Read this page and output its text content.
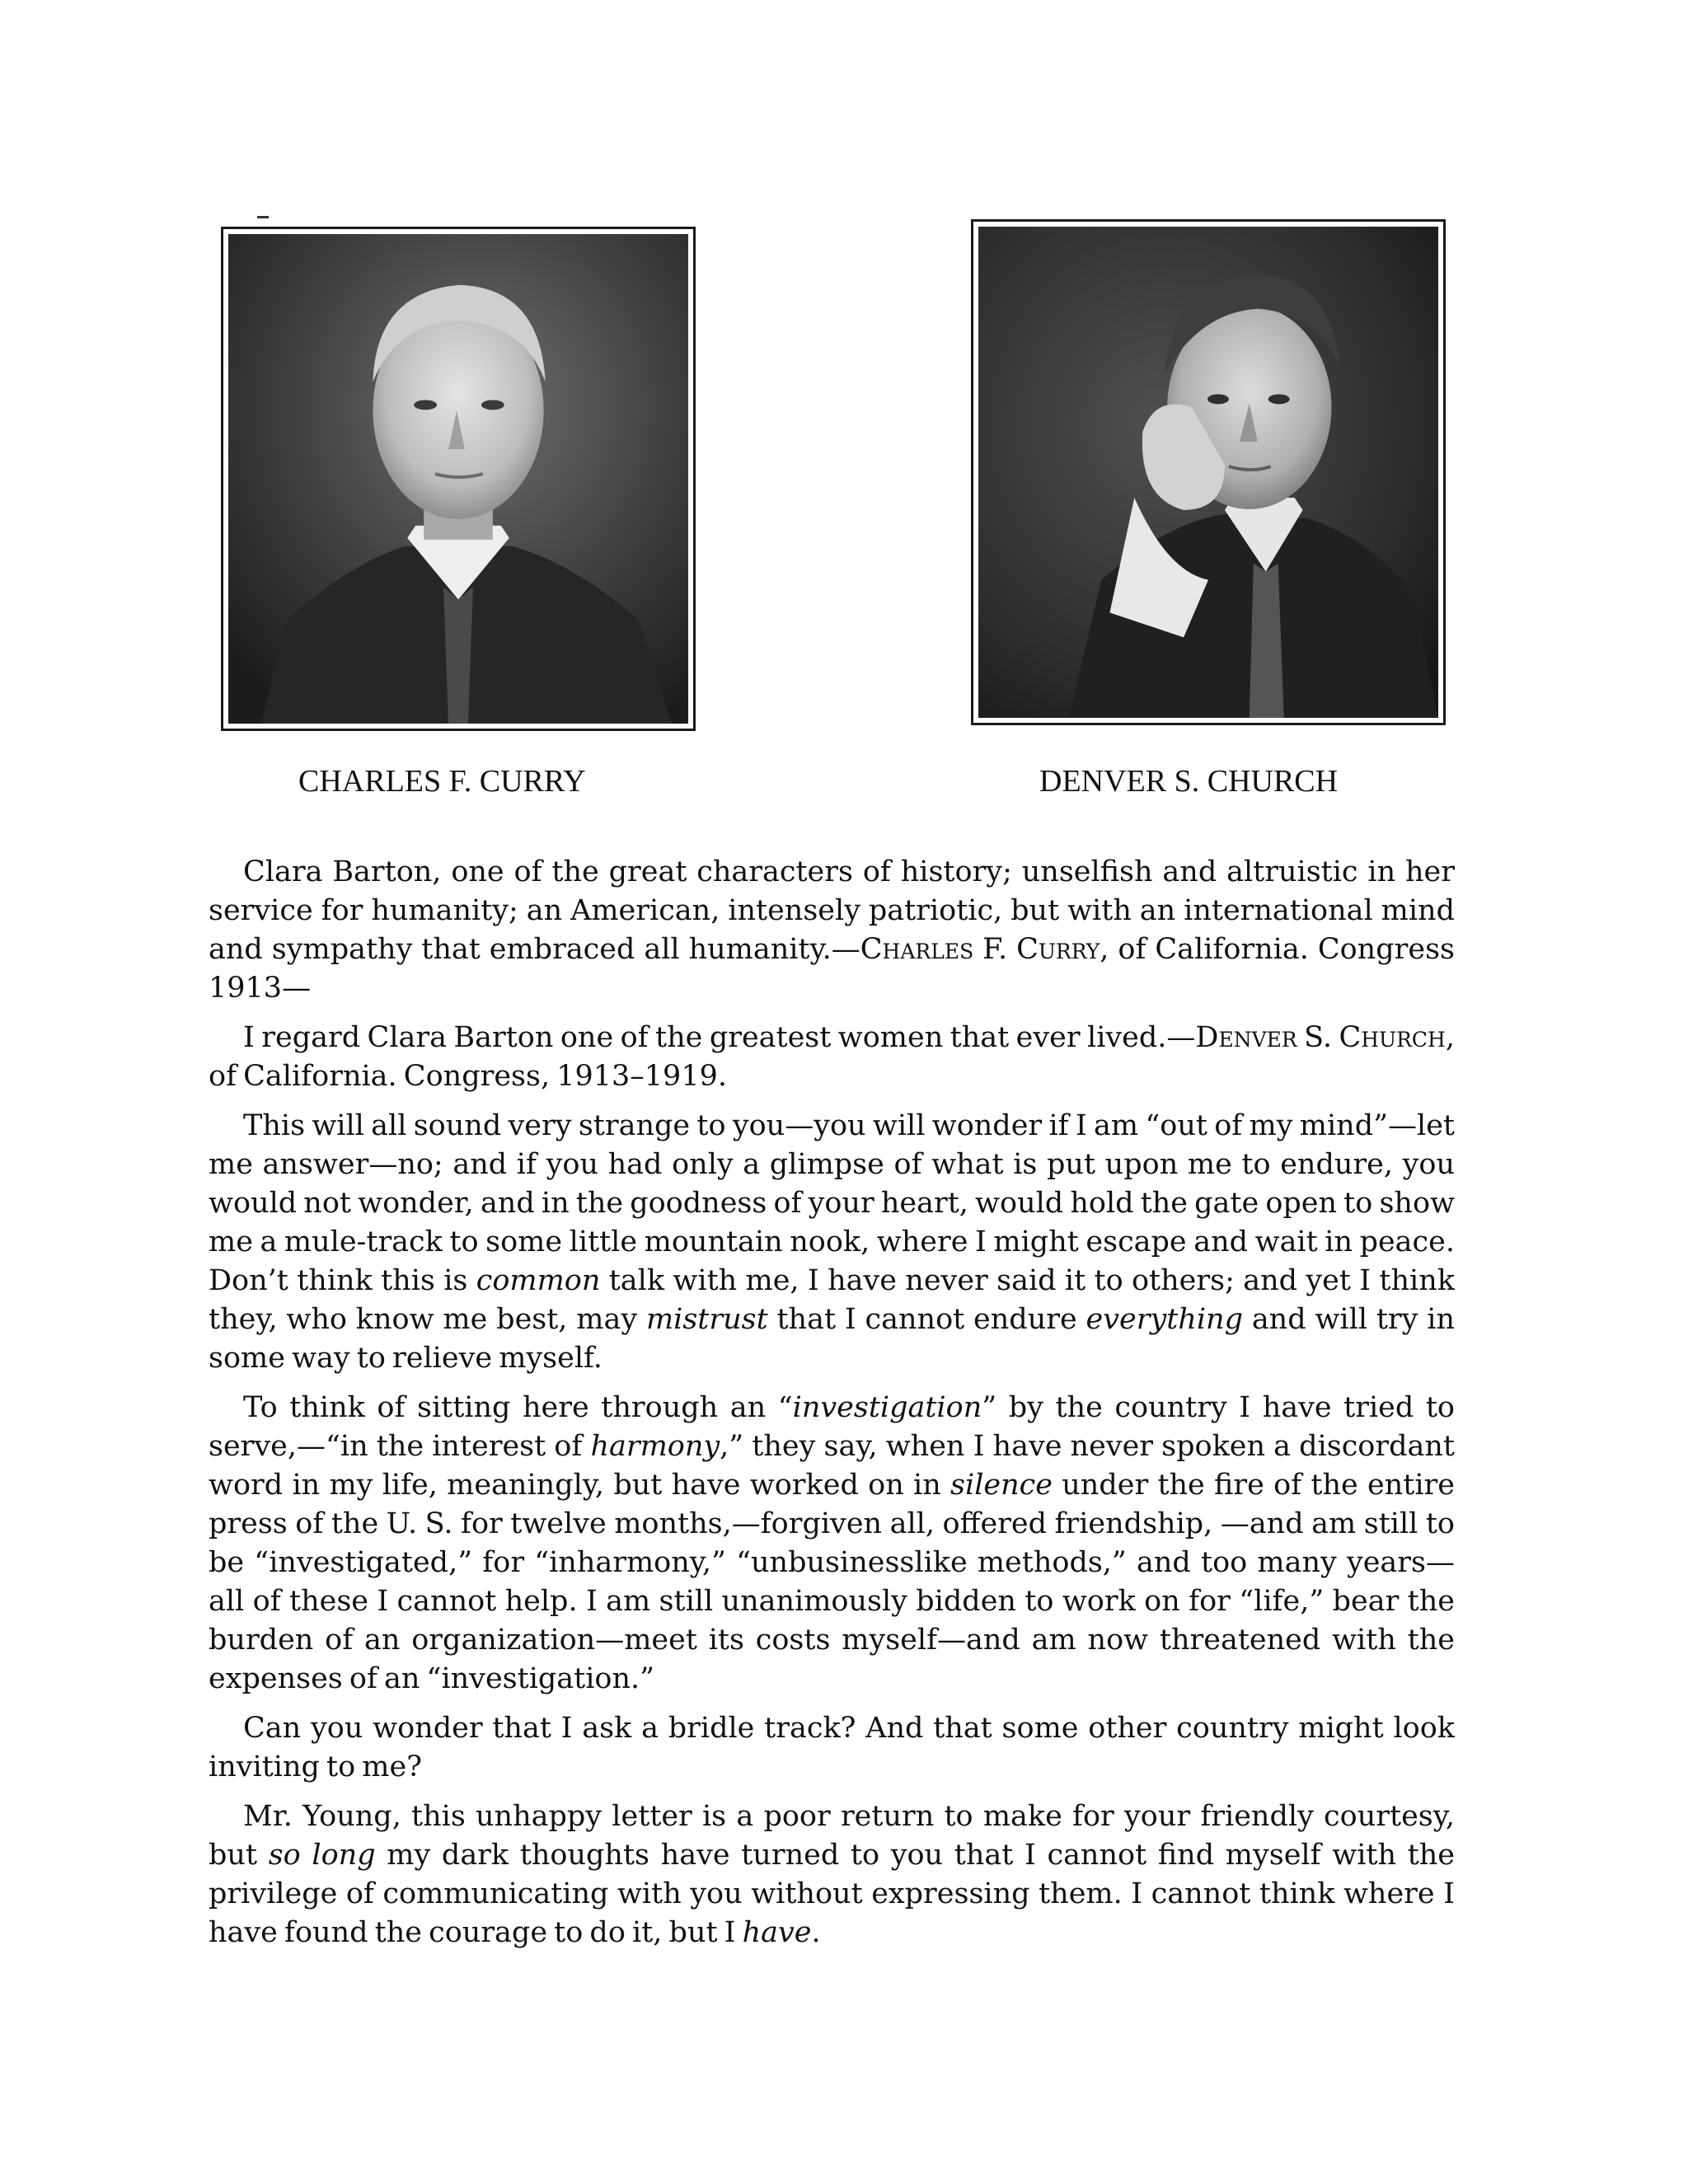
CHARLES F. CURRY	DENVER S. CHURCH

Clara Barton, one of the great characters of history; unselfish and altruistic in her service for humanity; an American, intensely patriotic, but with an international mind and sympathy that embraced all humanity.—Charles F. Curry, of California. Congress 1913—

I regard Clara Barton one of the greatest women that ever lived.—Denver S. Church, of California. Congress, 1913–1919.

This will all sound very strange to you—you will wonder if I am “out of my mind”—let me answer—no; and if you had only a glimpse of what is put upon me to endure, you would not wonder, and in the goodness of your heart, would hold the gate open to show me a mule-track to some little mountain nook, where I might escape and wait in peace. Don’t think this is common talk with me, I have never said it to others; and yet I think they, who know me best, may mistrust that I cannot endure everything and will try in some way to relieve myself.

To think of sitting here through an “investigation” by the country I have tried to serve,—“in the interest of harmony,” they say, when I have never spoken a discordant word in my life, meaningly, but have worked on in silence under the fire of the entire press of the U. S. for twelve months,—forgiven all, offered friendship, —and am still to be “investigated,” for “inharmony,” “unbusinesslike methods,” and too many years—all of these I cannot help. I am still unanimously bidden to work on for “life,” bear the burden of an organization—meet its costs myself—and am now threatened with the expenses of an “investigation.”

Can you wonder that I ask a bridle track? And that some other country might look inviting to me?

Mr. Young, this unhappy letter is a poor return to make for your friendly courtesy, but so long my dark thoughts have turned to you that I cannot find myself with the privilege of communicating with you without expressing them. I cannot think where I have found the courage to do it, but I have.
